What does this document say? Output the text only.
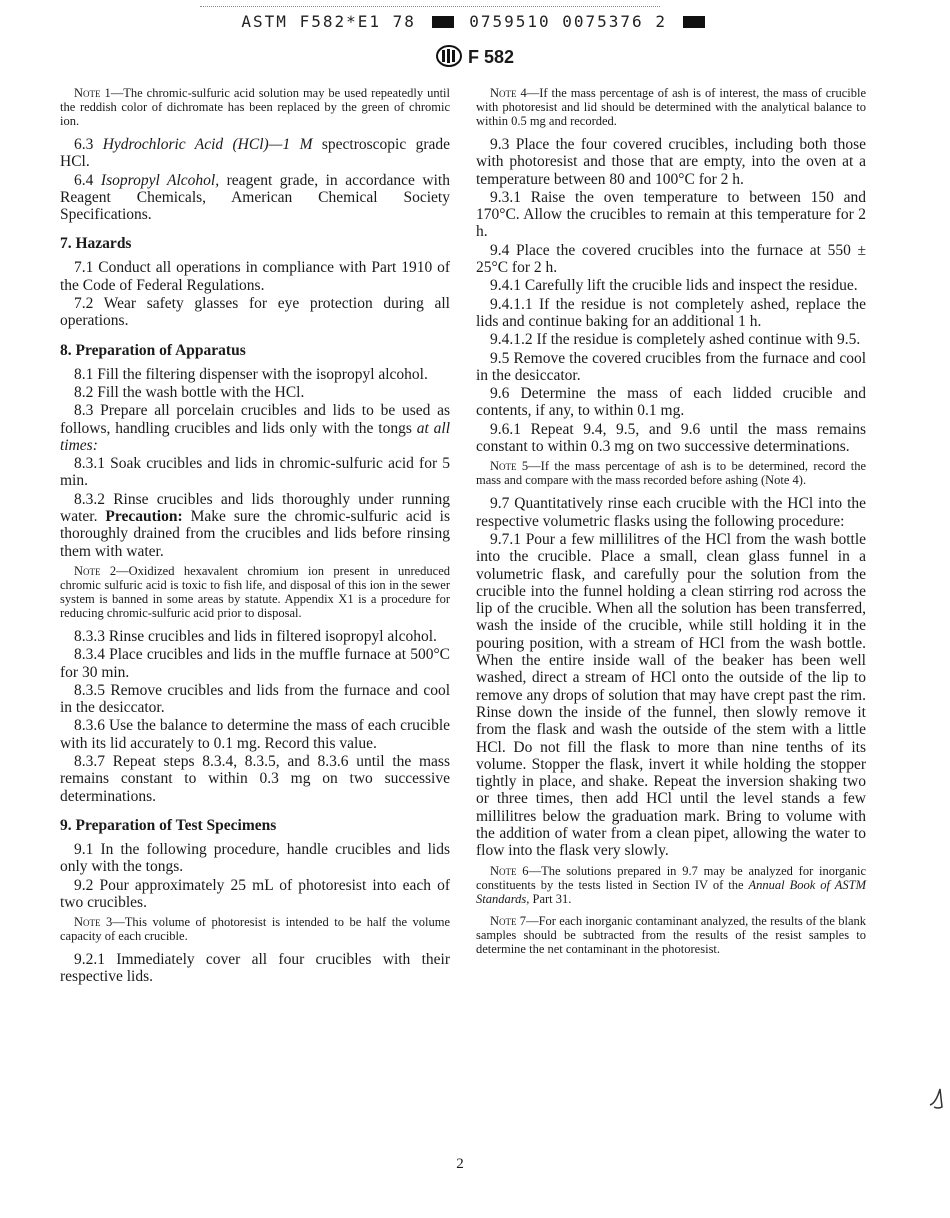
ASTM F582*E1 78	0759510 0075376 2
F 582
Note 1—The chromic-sulfuric acid solution may be used repeatedly until the reddish color of dichromate has been replaced by the green of chromic ion.
6.3 Hydrochloric Acid (HCl)—1 M spectroscopic grade HCl.
6.4 Isopropyl Alcohol, reagent grade, in accordance with Reagent Chemicals, American Chemical Society Specifications.
7. Hazards
7.1 Conduct all operations in compliance with Part 1910 of the Code of Federal Regulations.
7.2 Wear safety glasses for eye protection during all operations.
8. Preparation of Apparatus
8.1 Fill the filtering dispenser with the isopropyl alcohol.
8.2 Fill the wash bottle with the HCl.
8.3 Prepare all porcelain crucibles and lids to be used as follows, handling crucibles and lids only with the tongs at all times:
8.3.1 Soak crucibles and lids in chromic-sulfuric acid for 5 min.
8.3.2 Rinse crucibles and lids thoroughly under running water. Precaution: Make sure the chromic-sulfuric acid is thoroughly drained from the crucibles and lids before rinsing them with water.
Note 2—Oxidized hexavalent chromium ion present in unreduced chromic sulfuric acid is toxic to fish life, and disposal of this ion in the sewer system is banned in some areas by statute. Appendix X1 is a procedure for reducing chromic-sulfuric acid prior to disposal.
8.3.3 Rinse crucibles and lids in filtered isopropyl alcohol.
8.3.4 Place crucibles and lids in the muffle furnace at 500°C for 30 min.
8.3.5 Remove crucibles and lids from the furnace and cool in the desiccator.
8.3.6 Use the balance to determine the mass of each crucible with its lid accurately to 0.1 mg. Record this value.
8.3.7 Repeat steps 8.3.4, 8.3.5, and 8.3.6 until the mass remains constant to within 0.3 mg on two successive determinations.
9. Preparation of Test Specimens
9.1 In the following procedure, handle crucibles and lids only with the tongs.
9.2 Pour approximately 25 mL of photoresist into each of two crucibles.
Note 3—This volume of photoresist is intended to be half the volume capacity of each crucible.
9.2.1 Immediately cover all four crucibles with their respective lids.
Note 4—If the mass percentage of ash is of interest, the mass of crucible with photoresist and lid should be determined with the analytical balance to within 0.5 mg and recorded.
9.3 Place the four covered crucibles, including both those with photoresist and those that are empty, into the oven at a temperature between 80 and 100°C for 2 h.
9.3.1 Raise the oven temperature to between 150 and 170°C. Allow the crucibles to remain at this temperature for 2 h.
9.4 Place the covered crucibles into the furnace at 550 ± 25°C for 2 h.
9.4.1 Carefully lift the crucible lids and inspect the residue.
9.4.1.1 If the residue is not completely ashed, replace the lids and continue baking for an additional 1 h.
9.4.1.2 If the residue is completely ashed continue with 9.5.
9.5 Remove the covered crucibles from the furnace and cool in the desiccator.
9.6 Determine the mass of each lidded crucible and contents, if any, to within 0.1 mg.
9.6.1 Repeat 9.4, 9.5, and 9.6 until the mass remains constant to within 0.3 mg on two successive determinations.
Note 5—If the mass percentage of ash is to be determined, record the mass and compare with the mass recorded before ashing (Note 4).
9.7 Quantitatively rinse each crucible with the HCl into the respective volumetric flasks using the following procedure:
9.7.1 Pour a few millilitres of the HCl from the wash bottle into the crucible. Place a small, clean glass funnel in a volumetric flask, and carefully pour the solution from the crucible into the funnel holding a clean stirring rod across the lip of the crucible. When all the solution has been transferred, wash the inside of the crucible, while still holding it in the pouring position, with a stream of HCl from the wash bottle. When the entire inside wall of the beaker has been well washed, direct a stream of HCl onto the outside of the lip to remove any drops of solution that may have crept past the rim. Rinse down the inside of the funnel, then slowly remove it from the flask and wash the outside of the stem with a little HCl. Do not fill the flask to more than nine tenths of its volume. Stopper the flask, invert it while holding the stopper tightly in place, and shake. Repeat the inversion shaking two or three times, then add HCl until the level stands a few millilitres below the graduation mark. Bring to volume with the addition of water from a clean pipet, allowing the water to flow into the flask very slowly.
Note 6—The solutions prepared in 9.7 may be analyzed for inorganic constituents by the tests listed in Section IV of the Annual Book of ASTM Standards, Part 31.
Note 7—For each inorganic contaminant analyzed, the results of the blank samples should be subtracted from the results of the resist samples to determine the net contaminant in the photoresist.
2
